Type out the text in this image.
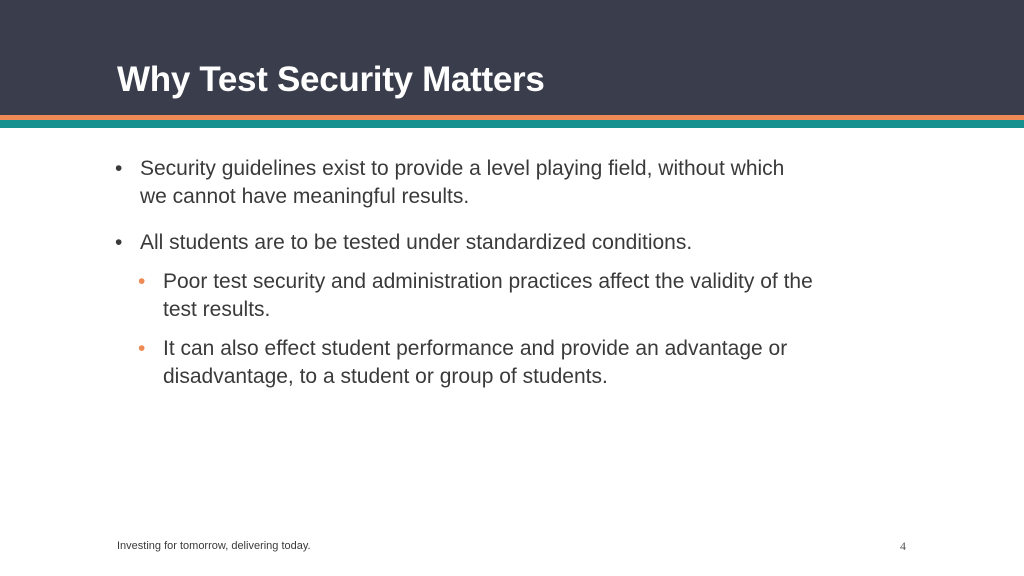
Why Test Security Matters
• Security guidelines exist to provide a level playing field, without which we cannot have meaningful results.
• All students are to be tested under standardized conditions.
• Poor test security and administration practices affect the validity of the test results.
• It can also effect student performance and provide an advantage or disadvantage, to a student or group of students.
Investing for tomorrow, delivering today.	4
